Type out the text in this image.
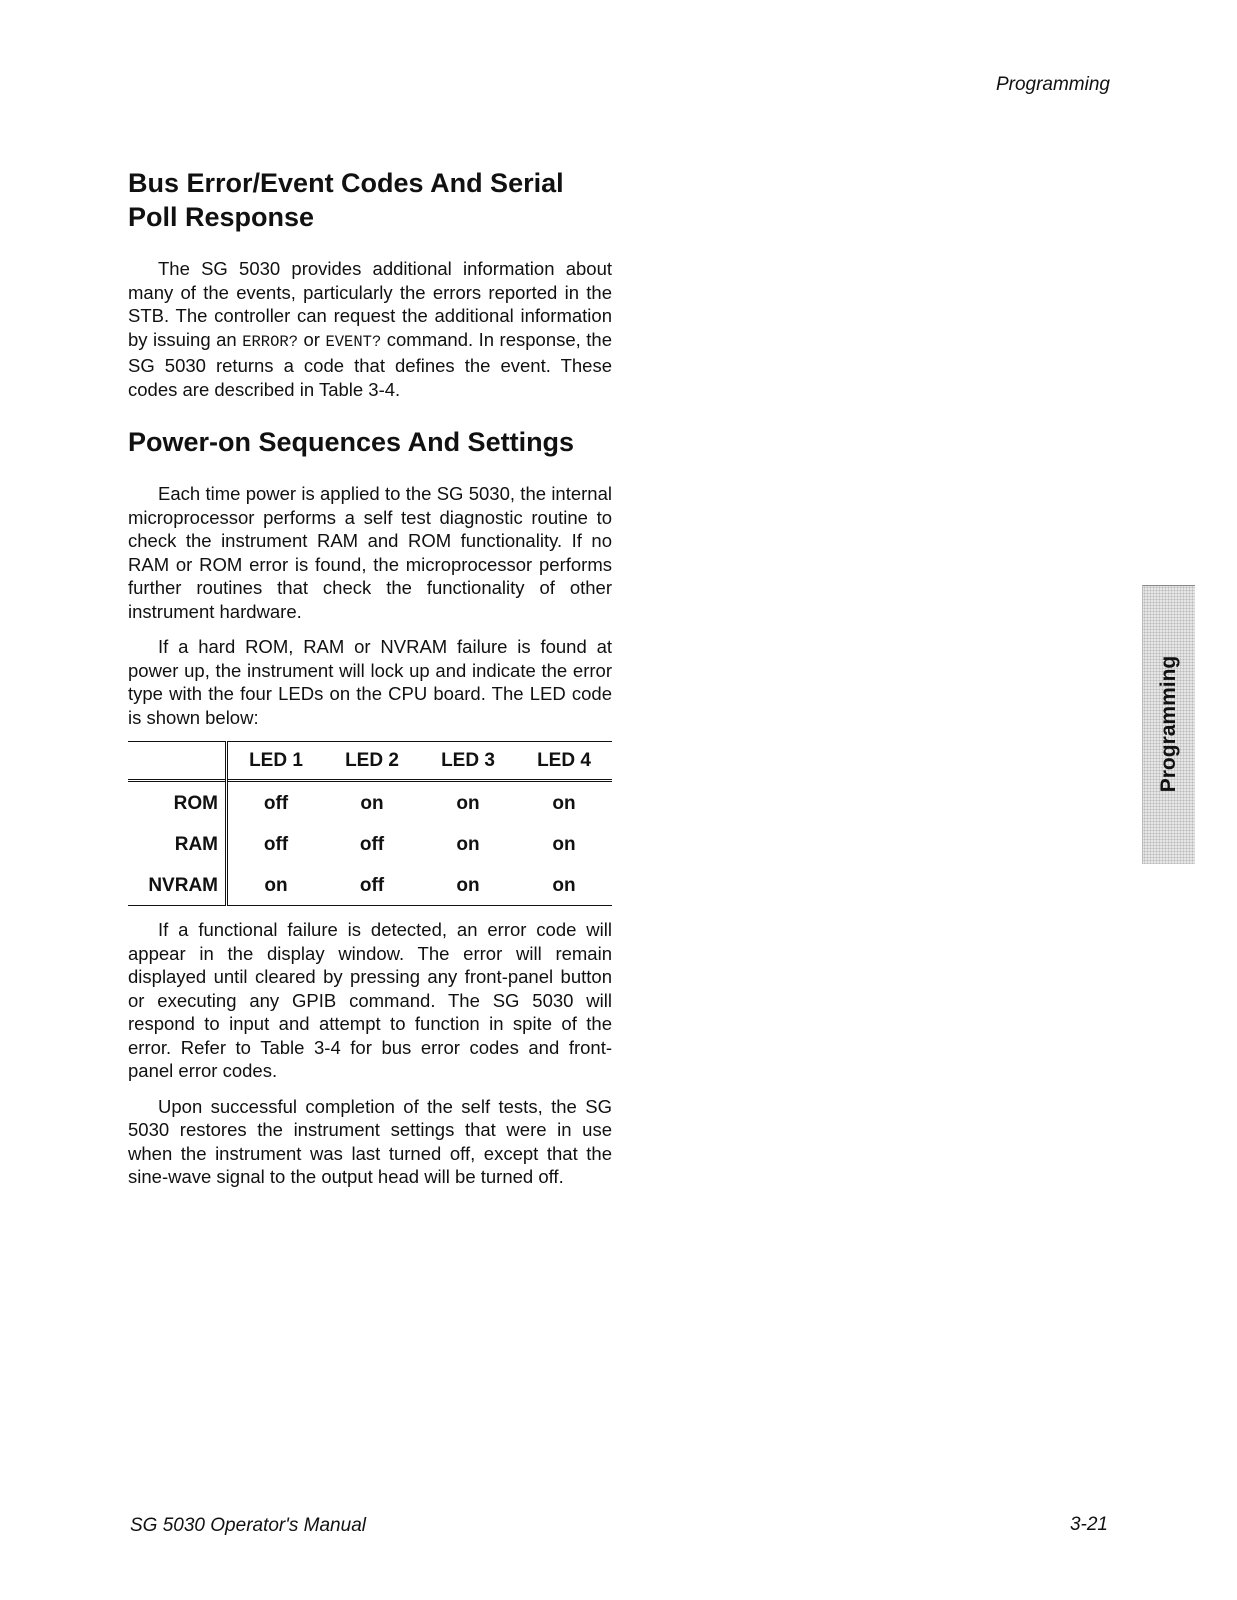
Programming
Bus Error/Event Codes And Serial
Poll Response

The SG 5030 provides additional information about many of the events, particularly the errors reported in the STB. The controller can request the additional information by issuing an ERROR? or EVENT? command. In response, the SG 5030 returns a code that defines the event. These codes are described in Table 3-4.

Power-on Sequences And Settings

Each time power is applied to the SG 5030, the internal microprocessor performs a self test diagnostic routine to check the instrument RAM and ROM functionality. If no RAM or ROM error is found, the microprocessor performs further routines that check the functionality of other instrument hardware.

If a hard ROM, RAM or NVRAM failure is found at power up, the instrument will lock up and indicate the error type with the four LEDs on the CPU board. The LED code is shown below:

	LED 1	LED 2	LED 3	LED 4
ROM	off	on	on	on
RAM	off	off	on	on
NVRAM	on	off	on	on

If a functional failure is detected, an error code will appear in the display window. The error will remain displayed until cleared by pressing any front-panel button or executing any GPIB command. The SG 5030 will respond to input and attempt to function in spite of the error. Refer to Table 3-4 for bus error codes and front-panel error codes.

Upon successful completion of the self tests, the SG 5030 restores the instrument settings that were in use when the instrument was last turned off, except that the sine-wave signal to the output head will be turned off.

Programming
SG 5030 Operator's Manual	3-21
